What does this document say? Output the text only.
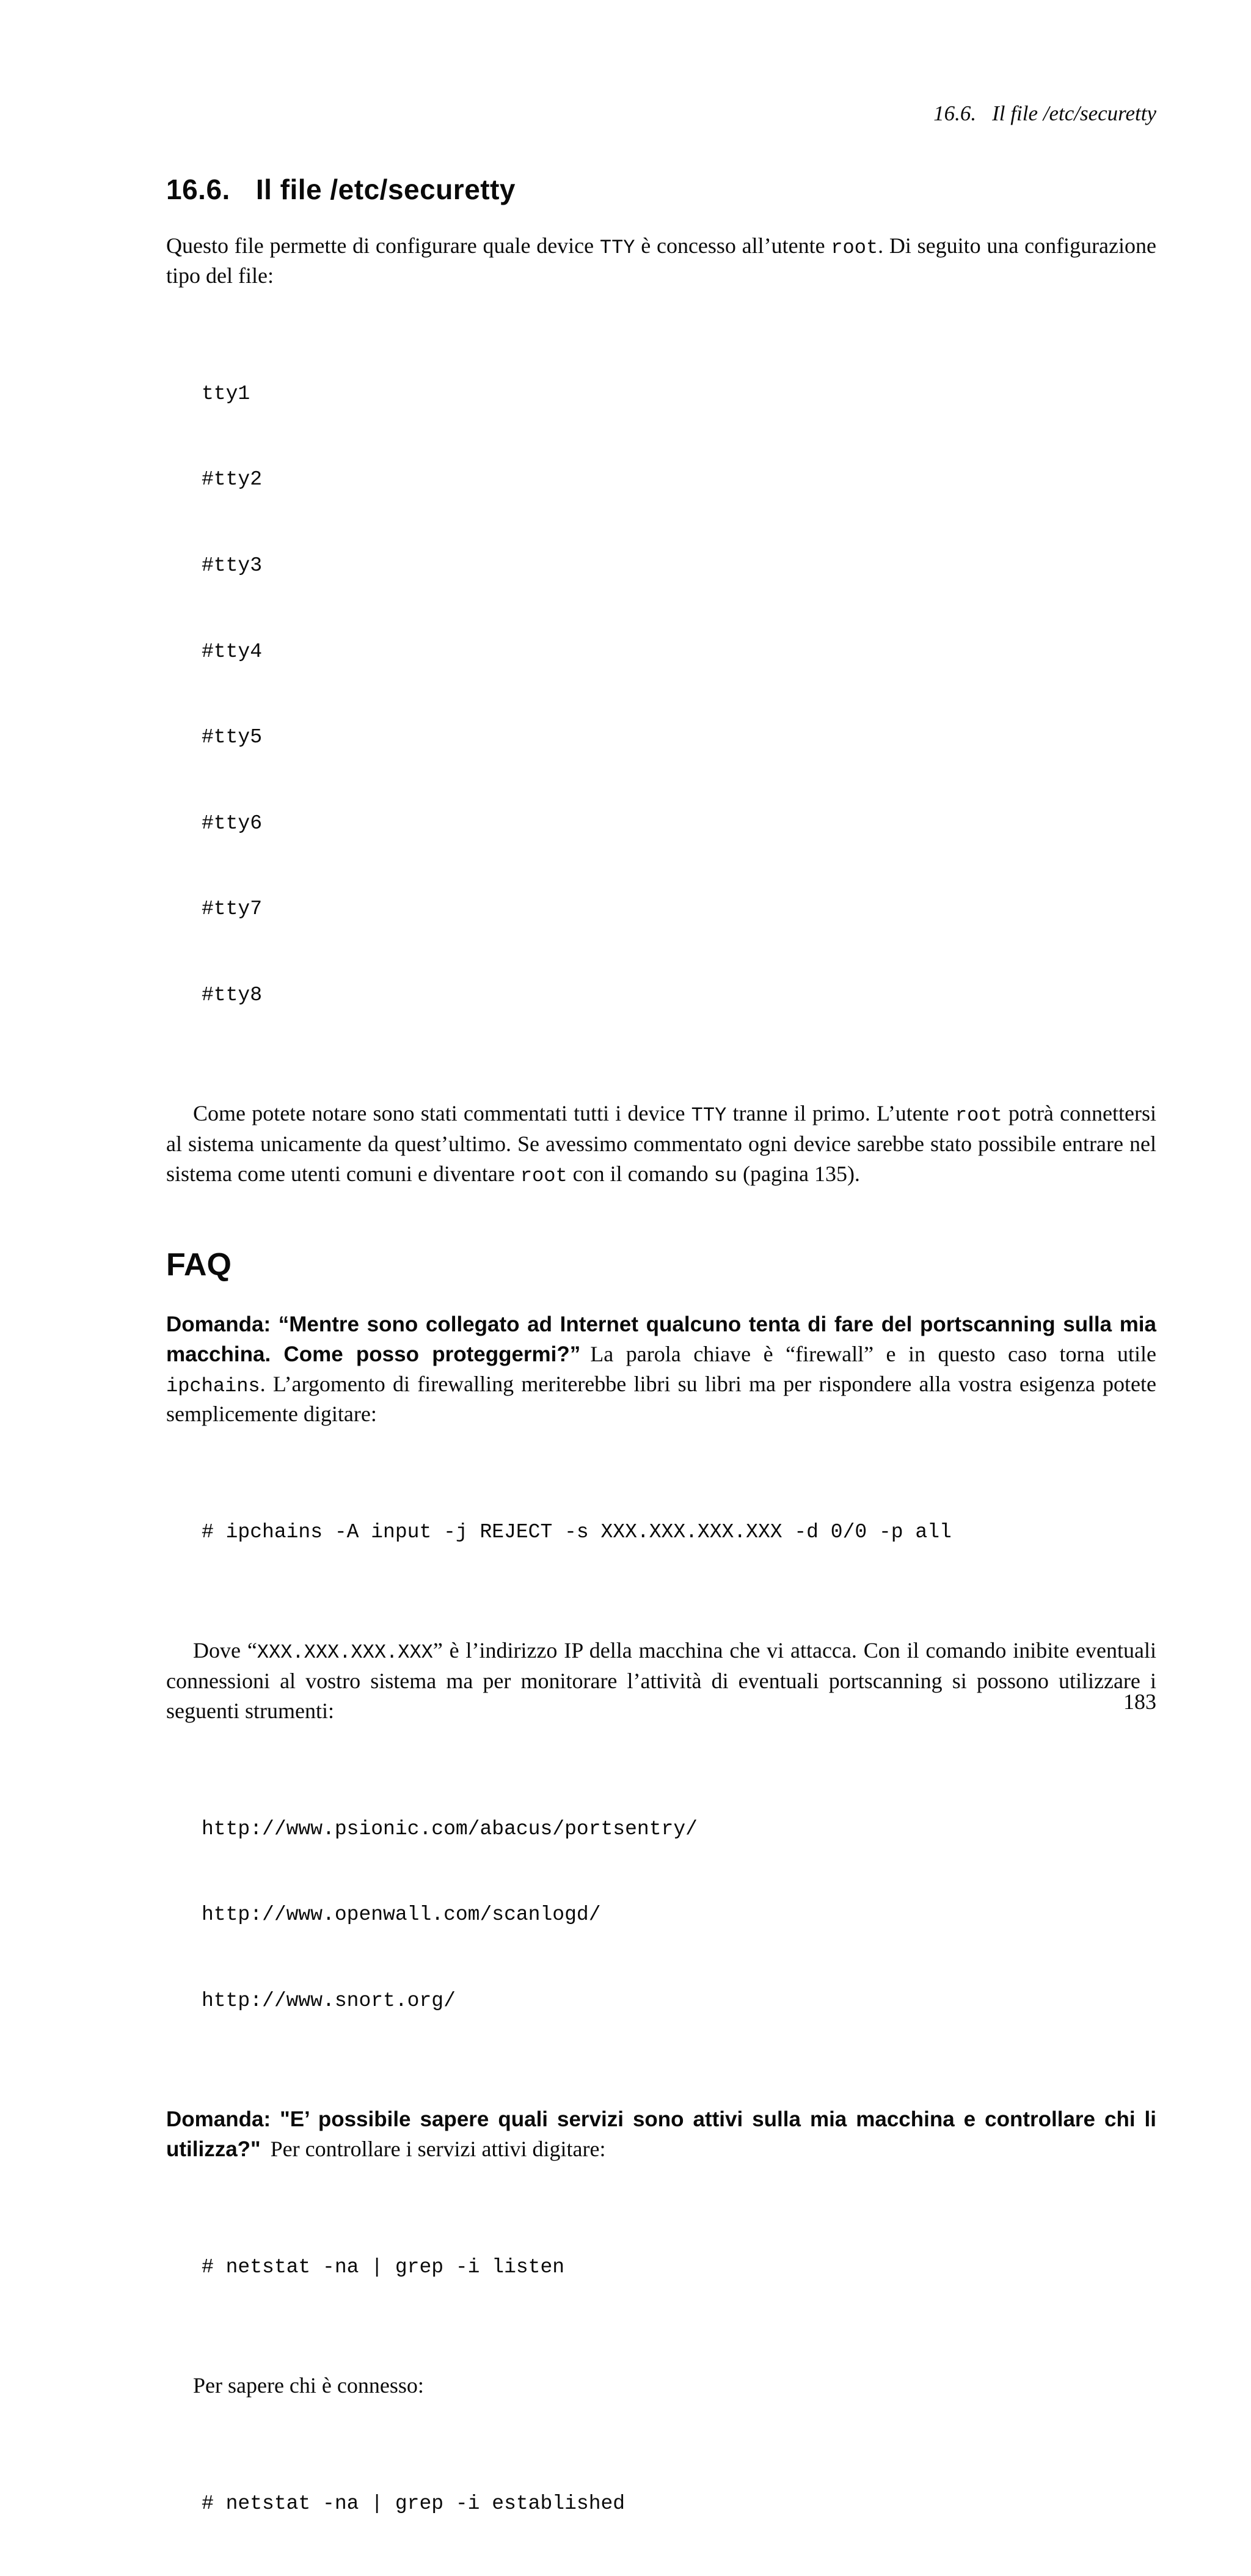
16.6. Il file /etc/securetty
16.6. Il file /etc/securetty

Questo file permette di configurare quale device TTY è concesso all’utente root. Di seguito una configurazione tipo del file:

tty1

#tty2

#tty3

#tty4

#tty5

#tty6

#tty7

#tty8

Come potete notare sono stati commentati tutti i device TTY tranne il primo. L’utente root potrà connettersi al sistema unicamente da quest’ultimo. Se avessimo commentato ogni device sarebbe stato possibile entrare nel sistema come utenti comuni e diventare root con il comando su (pagina 135).

FAQ

Domanda: “Mentre sono collegato ad Internet qualcuno tenta di fare del portscanning sulla mia macchina. Come posso proteggermi?” La parola chiave è “firewall” e in questo caso torna utile ipchains. L’argomento di firewalling meriterebbe libri su libri ma per rispondere alla vostra esigenza potete semplicemente digitare:

# ipchains -A input -j REJECT -s XXX.XXX.XXX.XXX -d 0/0 -p all

Dove “XXX.XXX.XXX.XXX” è l’indirizzo IP della macchina che vi attacca. Con il comando inibite eventuali connessioni al vostro sistema ma per monitorare l’attività di eventuali portscanning si possono utilizzare i seguenti strumenti:

http://www.psionic.com/abacus/portsentry/

http://www.openwall.com/scanlogd/

http://www.snort.org/

Domanda: "E’ possibile sapere quali servizi sono attivi sulla mia macchina e controllare chi li utilizza?" Per controllare i servizi attivi digitare:

# netstat -na | grep -i listen

Per sapere chi è connesso:

# netstat -na | grep -i established

183
